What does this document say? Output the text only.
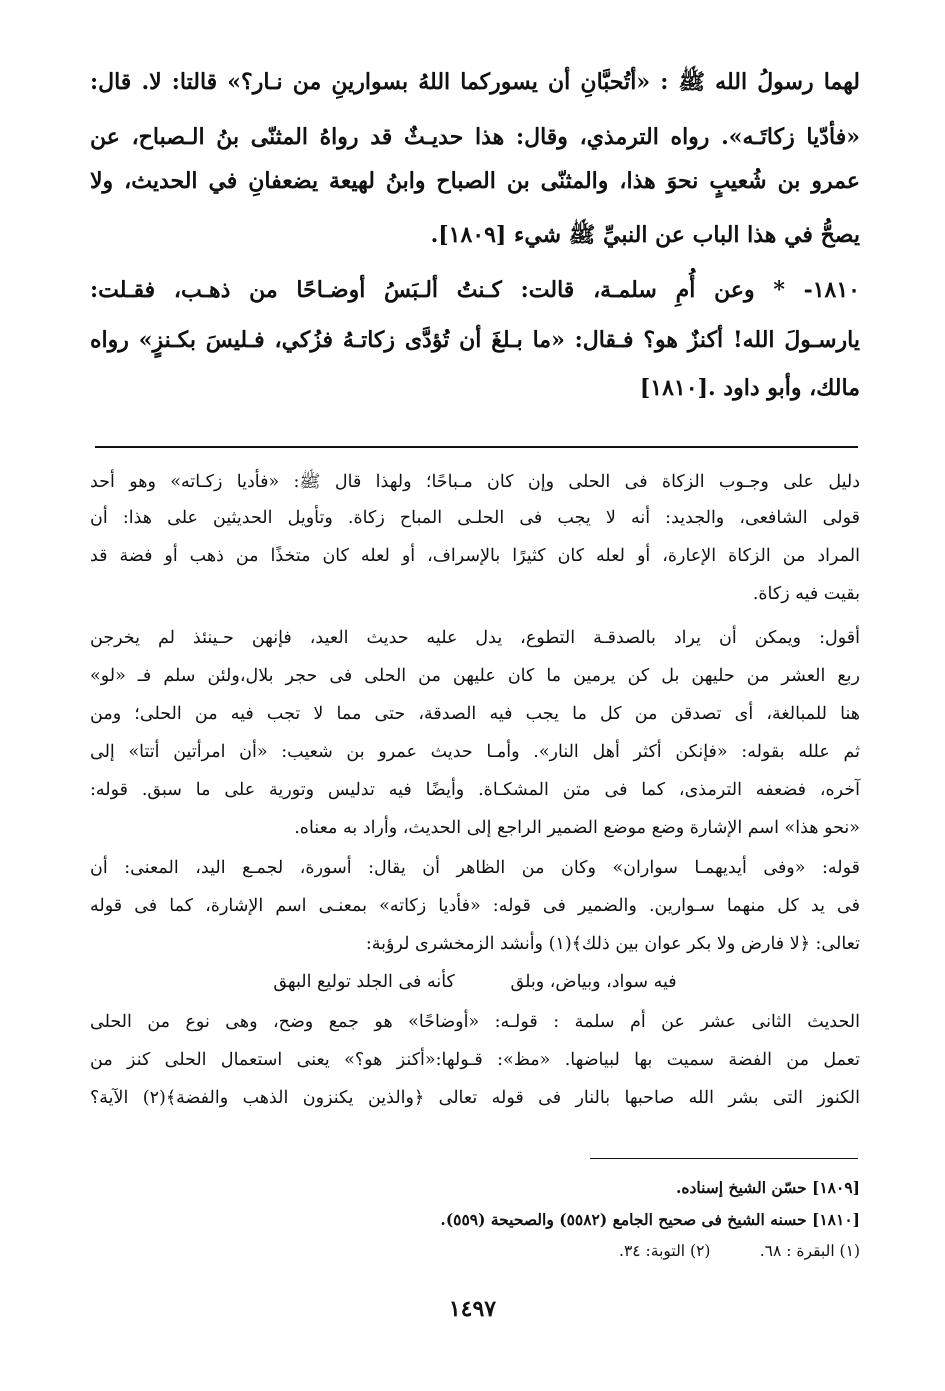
لهما رسولُ الله ﷺ : «أتُحبَّانِ أن يسوركما اللهُ بسوارينِ من نـار؟» قالتا: لا. قال:

«فأدّيا زكاتَـه». رواه الترمذي، وقال: هذا حديـثٌ قد رواهُ المثنّى بنُ الـصباح، عن

عمرو بن شُعيبٍ نحوَ هذا، والمثنّى بن الصباح وابنُ لهيعة يضعفانِ في الحديث، ولا

يصحُّ في هذا الباب عن النبيِّ ﷺ شيء [١٨٠٩].

١٨١٠- * وعن أُمِ سلمـة، قالت: كـنتُ ألـبَسُ أوضـاحًا من ذهـب، فقـلت:

يارسـولَ الله! أكنزٌ هو؟ فـقال: «ما بـلغَ أن تُؤدَّى زكاتـهُ فزُكي، فـليسَ بكـنزٍ» رواه

مالك، وأبو داود .[١٨١٠]

دليل على وجـوب الزكاة فى الحلى وإن كان مـباحًا؛ ولهذا قال ﷺ: «فأديا زكـاته» وهو أحد

قولى الشافعى، والجديد: أنه لا يجب فى الحلـى المباح زكاة. وتأويل الحديثين على هذا: أن

المراد من الزكاة الإعارة، أو لعله كان كثيرًا بالإسراف، أو لعله كان متخذًا من ذهب أو فضة قد

بقيت فيه زكاة.

أقول: ويمكن أن يراد بالصدقـة التطوع، يدل عليه حديث العيد، فإنهن حـينئذ لم يخرجن

ربع العشر من حليهن بل كن يرمين ما كان عليهن من الحلى فى حجر بلال،ولئن سلم فـ «لو»

هنا للمبالغة، أى تصدقن من كل ما يجب فيه الصدقة، حتى مما لا تجب فيه من الحلى؛ ومن

ثم علله بقوله: «فإنكن أكثر أهل النار». وأمـا حديث عمرو بن شعيب: «أن امرأتين أتتا» إلى

آخره، فضعفه الترمذى، كما فى متن المشكـاة. وأيضًا فيه تدليس وتورية على ما سبق. قوله:

«نحو هذا» اسم الإشارة وضع موضع الضمير الراجع إلى الحديث، وأراد به معناه.

قوله: «وفى أيديهمـا سواران» وكان من الظاهر أن يقال: أسورة، لجمـع اليد، المعنى: أن

فى يد كل منهما سـوارين. والضمير فى قوله: «فأديا زكاته» بمعنـى اسم الإشارة، كما فى قوله

تعالى: ﴿لا فارض ولا بكر عوان بين ذلك﴾(١) وأنشد الزمخشرى لرؤبة:

فيه سواد، وبياض، وبلق          كأنه فى الجلد توليع البهق

الحديث الثانى عشر عن أم سلمة : قولـه: «أوضاحًا» هو جمع وضح، وهى نوع من الحلى

تعمل من الفضة سميت بها لبياضها. «مظ»: قـولها:«أكنز هو؟» يعنى استعمال الحلى كنز من

الكنوز التى بشر الله صاحبها بالنار فى قوله تعالى ﴿والذين يكنزون الذهب والفضة﴾(٢) الآية؟

[١٨٠٩] حسّن الشيخ إسناده.

[١٨١٠] حسنه الشيخ فى صحيح الجامع (٥٥٨٢) والصحيحة (٥٥٩).

(١) البقرة : ٦٨.          (٢) التوبة: ٣٤.

١٤٩٧
